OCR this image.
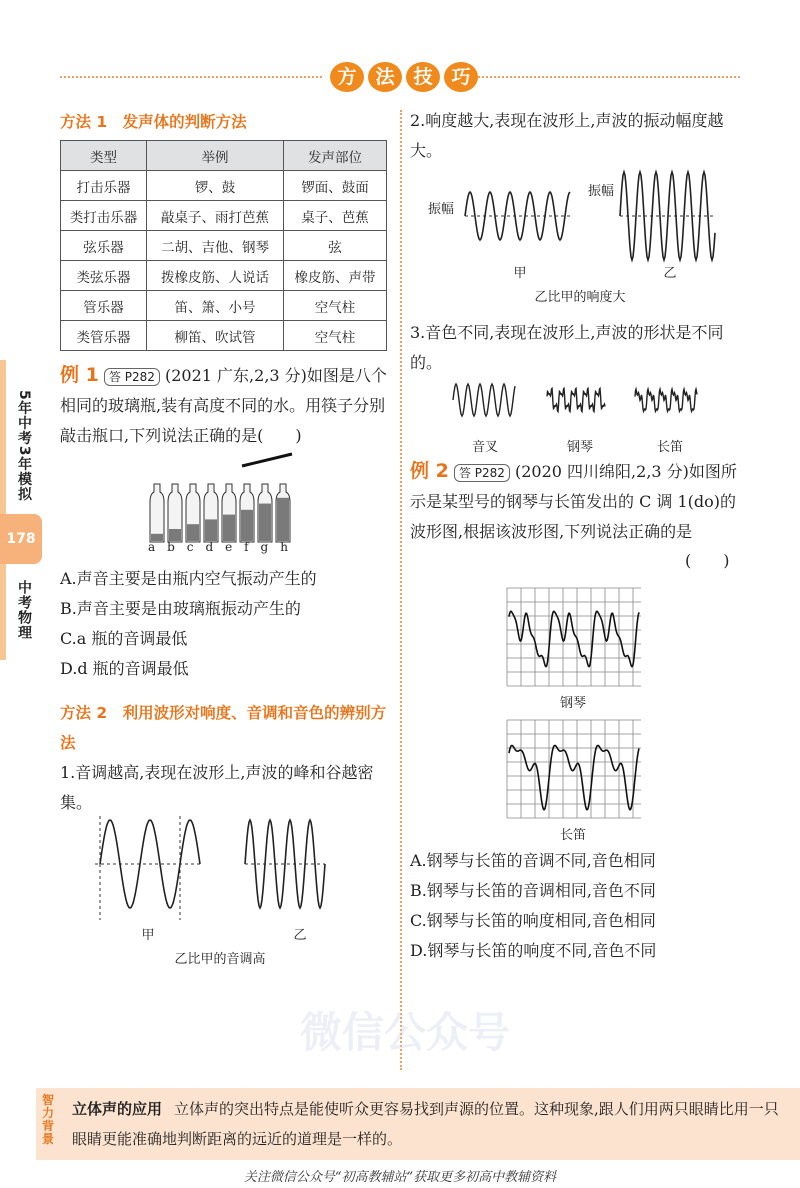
方 法 技 巧
5年中考3年模拟
178
中考物理
方法 1　发声体的判断方法
类型	举例	发声部位
打击乐器	锣、鼓	锣面、鼓面
类打击乐器	敲桌子、雨打芭蕉	桌子、芭蕉
弦乐器	二胡、吉他、钢琴	弦
类弦乐器	拨橡皮筋、人说话	橡皮筋、声带
管乐器	笛、箫、小号	空气柱
类管乐器	柳笛、吹试管	空气柱
例 1 答 P282 (2021 广东,2,3 分)如图是八个相同的玻璃瓶,装有高度不同的水。用筷子分别敲击瓶口,下列说法正确的是(　　)
a b c d e f g h
A.声音主要是由瓶内空气振动产生的
B.声音主要是由玻璃瓶振动产生的
C.a 瓶的音调最低
D.d 瓶的音调最低
方法 2　利用波形对响度、音调和音色的辨别方法
1.音调越高,表现在波形上,声波的峰和谷越密集。
甲	乙
乙比甲的音调高
2.响度越大,表现在波形上,声波的振动幅度越大。
振幅
振幅
甲	乙
乙比甲的响度大
3.音色不同,表现在波形上,声波的形状是不同的。
音叉	钢琴	长笛
例 2 答 P282 (2020 四川绵阳,2,3 分)如图所示是某型号的钢琴与长笛发出的 C 调 1(do)的波形图,根据该波形图,下列说法正确的是
(　　)
钢琴
长笛
A.钢琴与长笛的音调不同,音色相同
B.钢琴与长笛的音调相同,音色不同
C.钢琴与长笛的响度相同,音色相同
D.钢琴与长笛的响度不同,音色不同
微信公众号
智力背景
立体声的应用 立体声的突出特点是能使听众更容易找到声源的位置。这种现象,跟人们用两只眼睛比用一只眼睛更能准确地判断距离的远近的道理是一样的。
关注微信公众号“初高教辅站”获取更多初高中教辅资料
